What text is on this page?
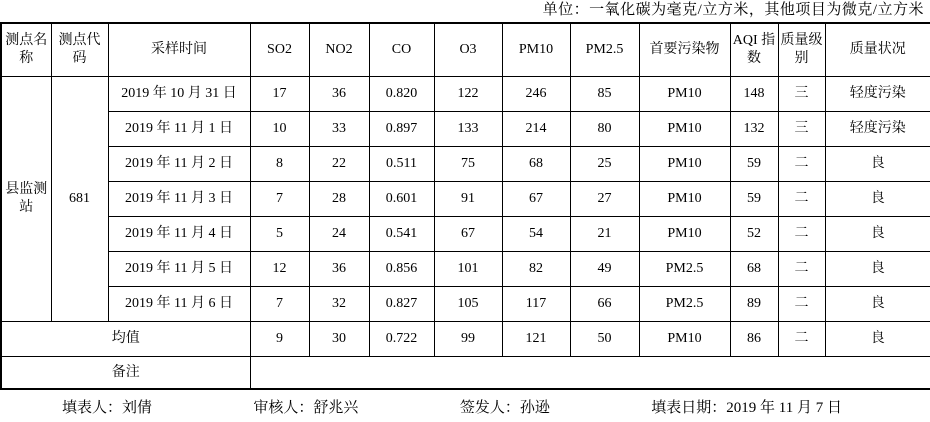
单位：一氧化碳为毫克/立方米，其他项目为微克/立方米
测点名称	测点代码	采样时间	SO2	NO2	CO	O3	PM10	PM2.5	首要污染物	AQI 指数	质量级别	质量状况
县监测站	681	2019 年 10 月 31 日	17	36	0.820	122	246	85	PM10	148	三	轻度污染
		2019 年 11 月 1 日	10	33	0.897	133	214	80	PM10	132	三	轻度污染
		2019 年 11 月 2 日	8	22	0.511	75	68	25	PM10	59	二	良
		2019 年 11 月 3 日	7	28	0.601	91	67	27	PM10	59	二	良
		2019 年 11 月 4 日	5	24	0.541	67	54	21	PM10	52	二	良
		2019 年 11 月 5 日	12	36	0.856	101	82	49	PM2.5	68	二	良
		2019 年 11 月 6 日	7	32	0.827	105	117	66	PM2.5	89	二	良
均值			9	30	0.722	99	121	50	PM10	86	二	良
备注												
填表人：刘倩	审核人：舒兆兴	签发人：孙逊	填表日期：2019 年 11 月 7 日
